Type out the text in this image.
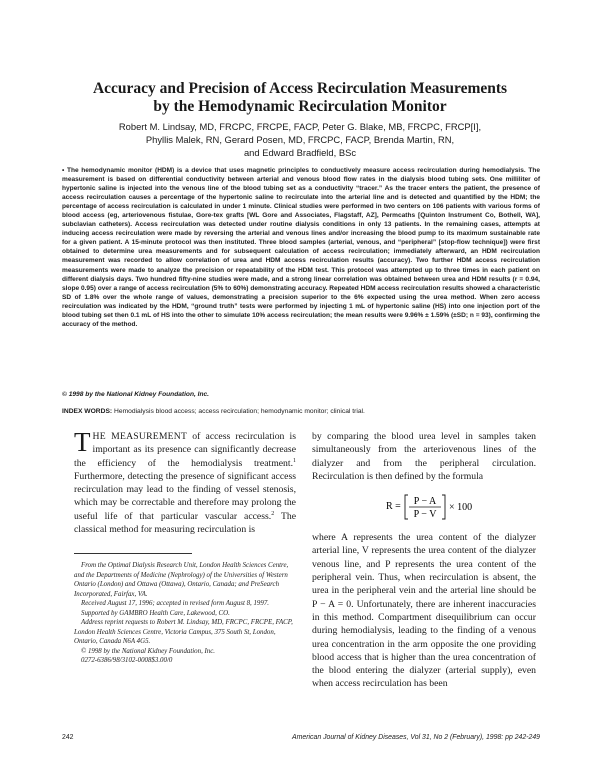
Accuracy and Precision of Access Recirculation Measurements
by the Hemodynamic Recirculation Monitor
Robert M. Lindsay, MD, FRCPC, FRCPE, FACP, Peter G. Blake, MB, FRCPC, FRCP[I],
Phyllis Malek, RN, Gerard Posen, MD, FRCPC, FACP, Brenda Martin, RN,
and Edward Bradfield, BSc

• The hemodynamic monitor (HDM) is a device that uses magnetic principles to conductively measure access recirculation during hemodialysis. The measurement is based on differential conductivity between arterial and venous blood flow rates in the dialysis blood tubing sets. One milliliter of hypertonic saline is injected into the venous line of the blood tubing set as a conductivity “tracer.” As the tracer enters the patient, the presence of access recirculation causes a percentage of the hypertonic saline to recirculate into the arterial line and is detected and quantified by the HDM; the percentage of access recirculation is calculated in under 1 minute. Clinical studies were performed in two centers on 106 patients with various forms of blood access (eg, arteriovenous fistulae, Gore-tex grafts [WL Gore and Associates, Flagstaff, AZ], Permcaths [Quinton Instrument Co, Bothell, WA], subclavian catheters). Access recirculation was detected under routine dialysis conditions in only 13 patients. In the remaining cases, attempts at inducing access recirculation were made by reversing the arterial and venous lines and/or increasing the blood pump to its maximum sustainable rate for a given patient. A 15-minute protocol was then instituted. Three blood samples (arterial, venous, and “peripheral” [stop-flow technique]) were first obtained to determine urea measurements and for subsequent calculation of access recirculation; immediately afterward, an HDM recirculation measurement was recorded to allow correlation of urea and HDM access recirculation results (accuracy). Two further HDM access recirculation measurements were made to analyze the precision or repeatability of the HDM test. This protocol was attempted up to three times in each patient on different dialysis days. Two hundred fifty-nine studies were made, and a strong linear correlation was obtained between urea and HDM results (r = 0.94, slope 0.95) over a range of access recirculation (5% to 60%) demonstrating accuracy. Repeated HDM access recirculation results showed a characteristic SD of 1.8% over the whole range of values, demonstrating a precision superior to the 6% expected using the urea method. When zero access recirculation was indicated by the HDM, “ground truth” tests were performed by injecting 1 mL of hypertonic saline (HS) into one injection port of the blood tubing set then 0.1 mL of HS into the other to simulate 10% access recirculation; the mean results were 9.96% ± 1.59% (±SD; n = 93), confirming the accuracy of the method.

© 1998 by the National Kidney Foundation, Inc.

INDEX WORDS: Hemodialysis blood access; access recirculation; hemodynamic monitor; clinical trial.

THE MEASUREMENT of access recirculation is important as its presence can significantly decrease the efficiency of the hemodialysis treatment.$^1$ Furthermore, detecting the presence of significant access recirculation may lead to the finding of vessel stenosis, which may be correctable and therefore may prolong the useful life of that particular vascular access.$^2$ The classical method for measuring recirculation is

From the Optimal Dialysis Research Unit, London Health Sciences Centre, and the Departments of Medicine (Nephrology) of the Universities of Western Ontario (London) and Ottawa (Ottawa), Ontario, Canada; and PreSearch Incorporated, Fairfax, VA.

Received August 17, 1996; accepted in revised form August 8, 1997.

Supported by GAMBRO Health Care, Lakewood, CO.

Address reprint requests to Robert M. Lindsay, MD, FRCPC, FRCPE, FACP, London Health Sciences Centre, Victoria Campus, 375 South St, London, Ontario, Canada N6A 4G5.

© 1998 by the National Kidney Foundation, Inc.

0272-6386/98/3102-0008$3.00/0

by comparing the blood urea level in samples taken simultaneously from the arteriovenous lines of the dialyzer and from the peripheral circulation. Recirculation is then defined by the formula

R = P − A
P − V
× 100

where A represents the urea content of the dialyzer arterial line, V represents the urea content of the dialyzer venous line, and P represents the urea content of the peripheral vein. Thus, when recirculation is absent, the urea in the peripheral vein and the arterial line should be P − A = 0. Unfortunately, there are inherent inaccuracies in this method. Compartment disequilibrium can occur during hemodialysis, leading to the finding of a venous urea concentration in the arm opposite the one providing blood access that is higher than the urea concentration of the blood entering the dialyzer (arterial supply), even when access recirculation has been

242	American Journal of Kidney Diseases, Vol 31, No 2 (February), 1998: pp 242-249
